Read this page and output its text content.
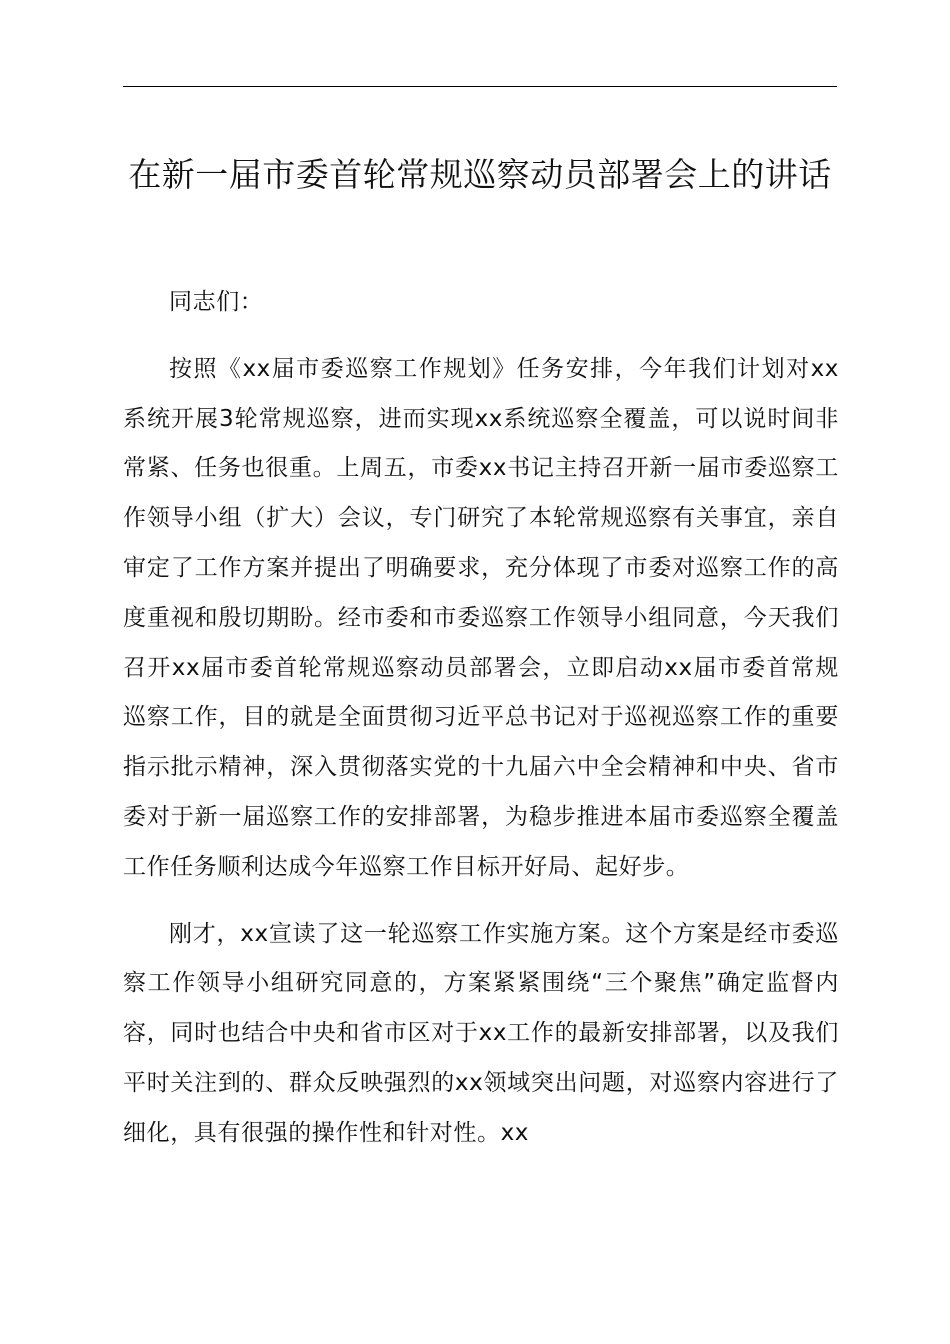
在新一届市委首轮常规巡察动员部署会上的讲话

同志们：

按照《xx届市委巡察工作规划》任务安排，今年我们计划对xx系统开展3轮常规巡察，进而实现xx系统巡察全覆盖，可以说时间非常紧、任务也很重。上周五，市委xx书记主持召开新一届市委巡察工作领导小组（扩大）会议，专门研究了本轮常规巡察有关事宜，亲自审定了工作方案并提出了明确要求，充分体现了市委对巡察工作的高度重视和殷切期盼。经市委和市委巡察工作领导小组同意，今天我们召开xx届市委首轮常规巡察动员部署会，立即启动xx届市委首常规巡察工作，目的就是全面贯彻习近平总书记对于巡视巡察工作的重要指示批示精神，深入贯彻落实党的十九届六中全会精神和中央、省市委对于新一届巡察工作的安排部署，为稳步推进本届市委巡察全覆盖工作任务顺利达成今年巡察工作目标开好局、起好步。

刚才，xx宣读了这一轮巡察工作实施方案。这个方案是经市委巡察工作领导小组研究同意的，方案紧紧围绕“三个聚焦”确定监督内容，同时也结合中央和省市区对于xx工作的最新安排部署，以及我们平时关注到的、群众反映强烈的xx领域突出问题，对巡察内容进行了细化，具有很强的操作性和针对性。xx
